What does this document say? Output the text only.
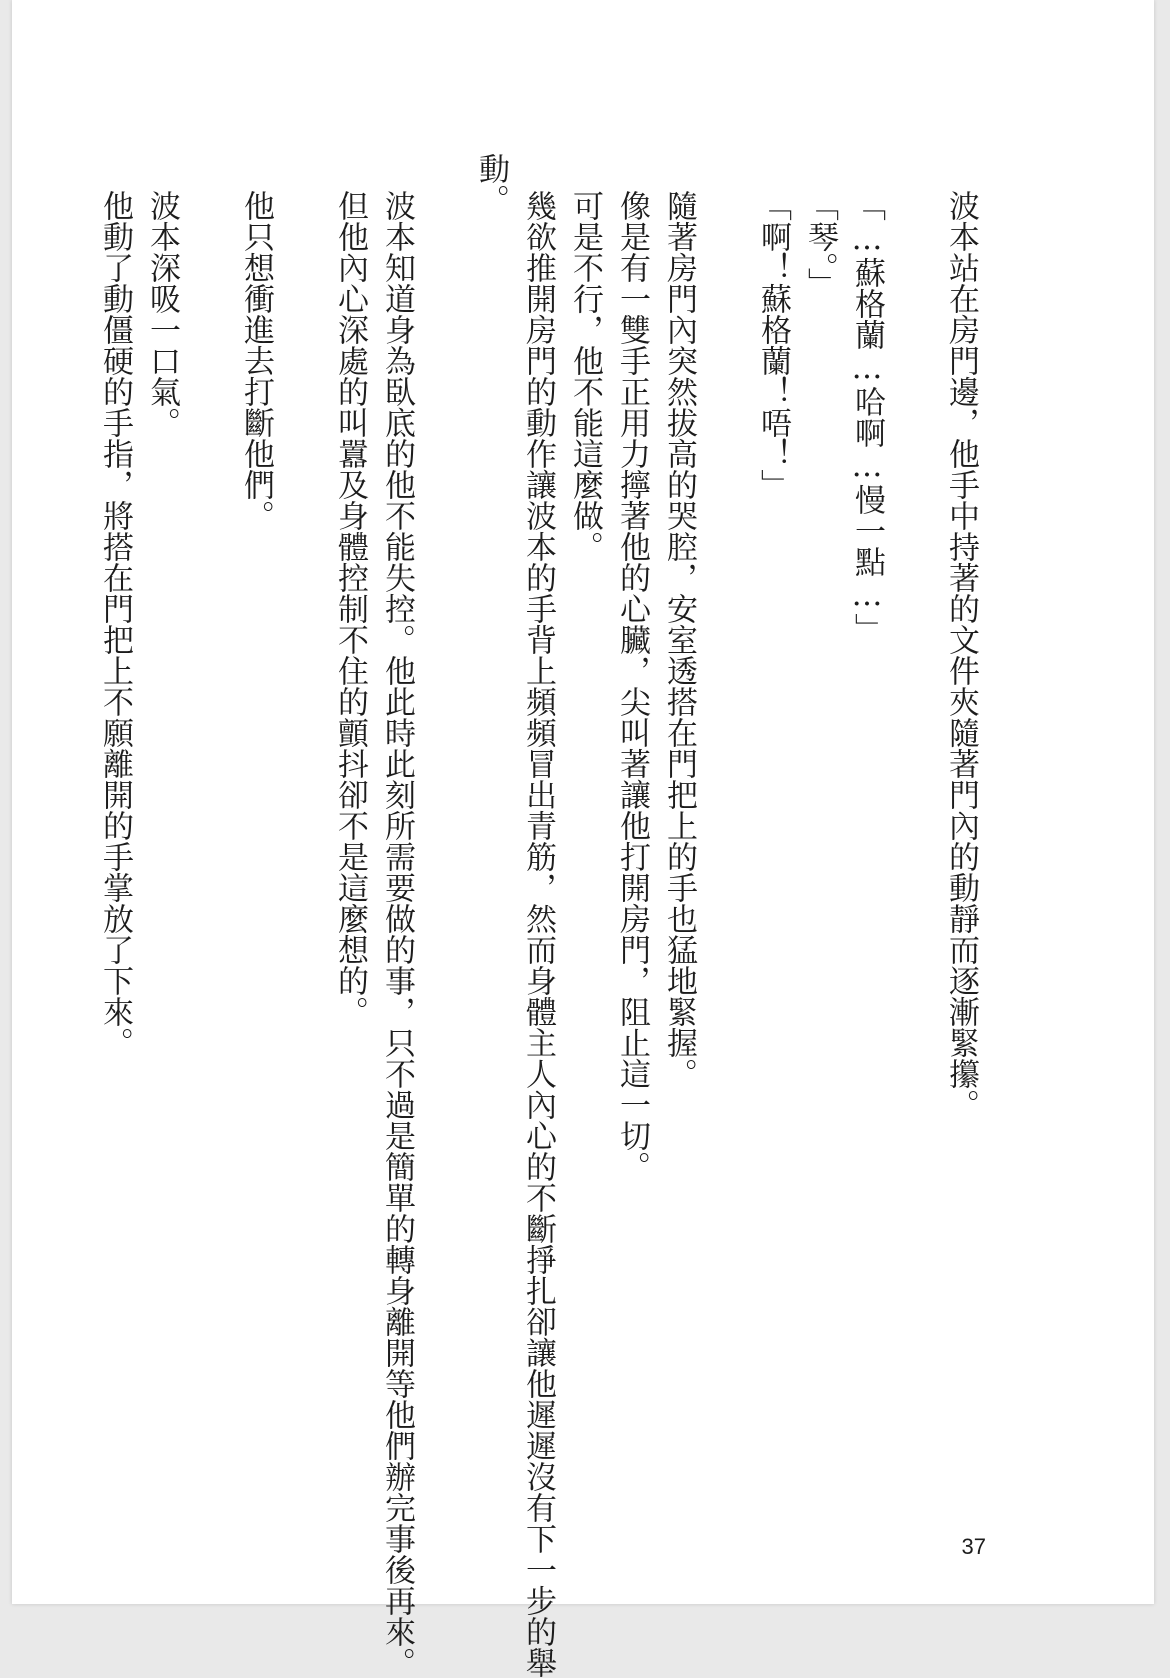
波本站在房門邊，他手中持著的文件夾隨著門內的動靜而逐漸緊攥。

「…蘇格蘭…哈啊…慢一點…」

「琴。」

「啊！蘇格蘭！唔！」

隨著房門內突然拔高的哭腔，安室透搭在門把上的手也猛地緊握。

像是有一雙手正用力擰著他的心臟，尖叫著讓他打開房門，阻止這一切。

可是不行，他不能這麼做。

幾欲推開房門的動作讓波本的手背上頻頻冒出青筋，然而身體主人內心的不斷掙扎卻讓他遲遲沒有下一步的舉

動。

波本知道身為臥底的他不能失控。他此時此刻所需要做的事，只不過是簡單的轉身離開等他們辦完事後再來。

但他內心深處的叫囂及身體控制不住的顫抖卻不是這麼想的。

他只想衝進去打斷他們。

波本深吸一口氣。

他動了動僵硬的手指，將搭在門把上不願離開的手掌放了下來。

37
